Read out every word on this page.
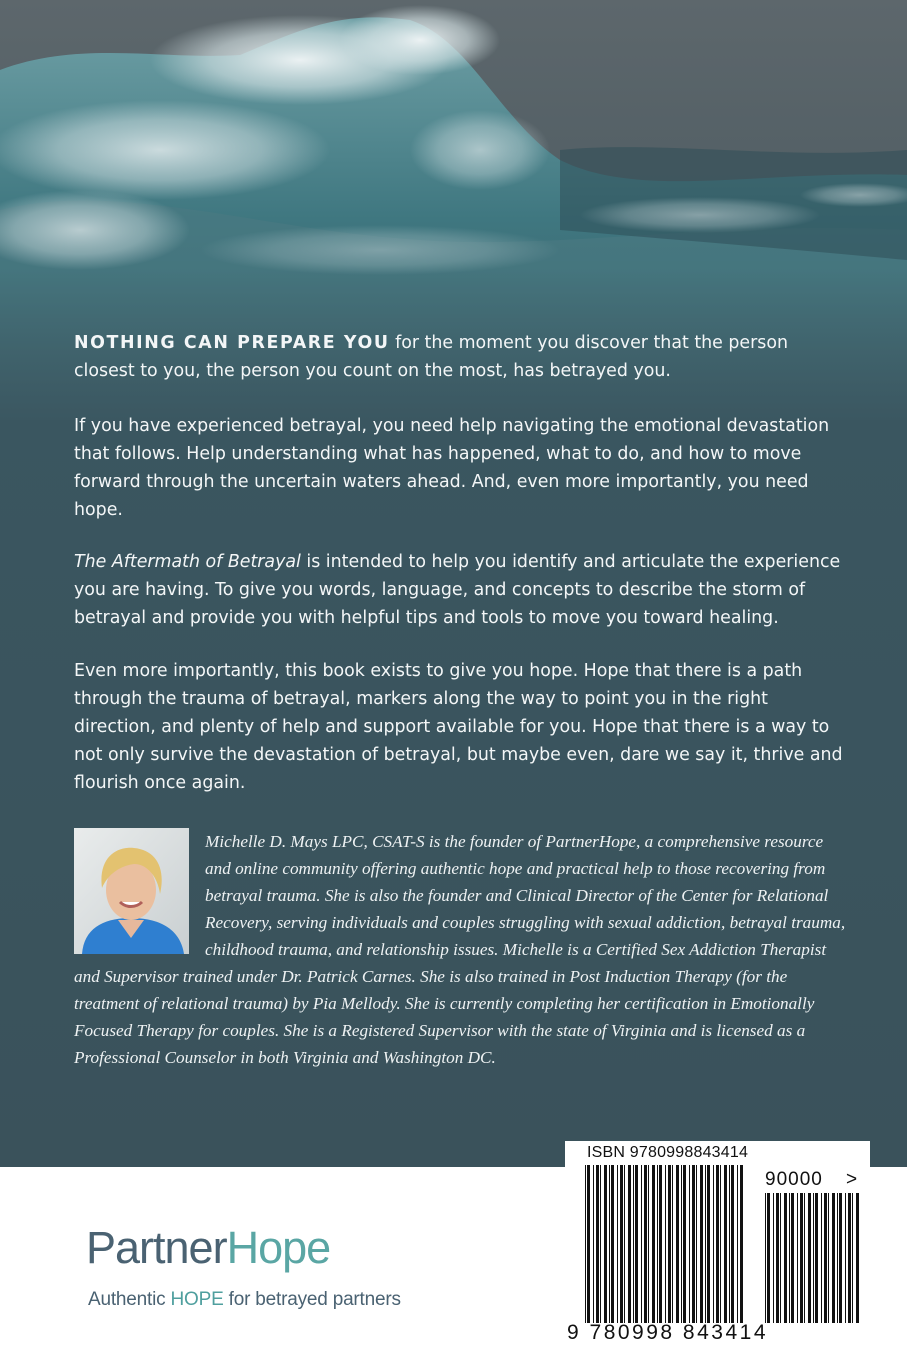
NOTHING CAN PREPARE YOU for the moment you discover that the person closest to you, the person you count on the most, has betrayed you.

If you have experienced betrayal, you need help navigating the emotional devastation that follows. Help understanding what has happened, what to do, and how to move forward through the uncertain waters ahead. And, even more importantly, you need hope.

The Aftermath of Betrayal is intended to help you identify and articulate the experience you are having. To give you words, language, and concepts to describe the storm of betrayal and provide you with helpful tips and tools to move you toward healing.

Even more importantly, this book exists to give you hope. Hope that there is a path through the trauma of betrayal, markers along the way to point you in the right direction, and plenty of help and support available for you. Hope that there is a way to not only survive the devastation of betrayal, but maybe even, dare we say it, thrive and flourish once again.

Michelle D. Mays LPC, CSAT-S is the founder of PartnerHope, a comprehensive resource and online community offering authentic hope and practical help to those recovering from betrayal trauma. She is also the founder and Clinical Director of the Center for Relational Recovery, serving individuals and couples struggling with sexual addiction, betrayal trauma, childhood trauma, and relationship issues. Michelle is a Certified Sex Addiction Therapist and Supervisor trained under Dr. Patrick Carnes. She is also trained in Post Induction Therapy (for the treatment of relational trauma) by Pia Mellody. She is currently completing her certification in Emotionally Focused Therapy for couples. She is a Registered Supervisor with the state of Virginia and is licensed as a Professional Counselor in both Virginia and Washington DC.

PartnerHope
Authentic HOPE for betrayed partners
ISBN 9780998843414
90000 >
9 780998 843414
